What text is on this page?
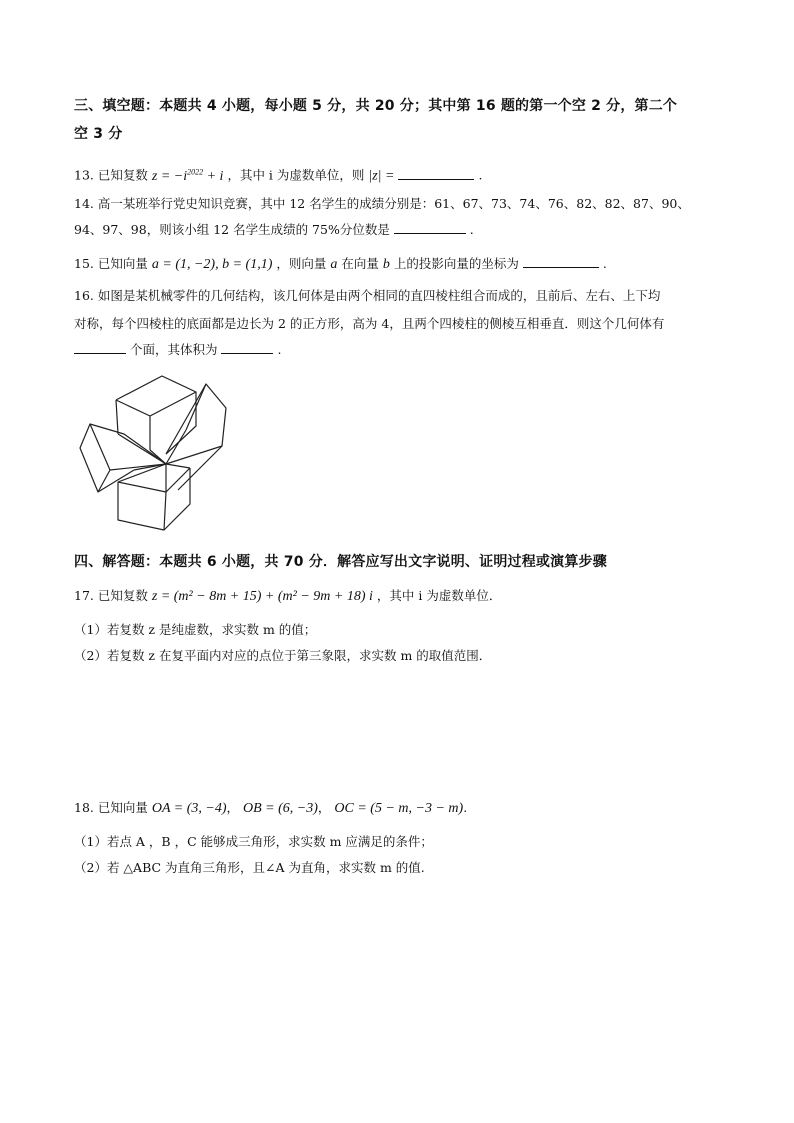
三、填空题：本题共 4 小题，每小题 5 分，共 20 分；其中第 16 题的第一个空 2 分，第二个
空 3 分
13. 已知复数 $z = -i^{2022} + i$ ，其中 i 为虚数单位，则 |z| =	.
14. 高一某班举行党史知识竞赛，其中 12 名学生的成绩分别是：61、67、73、74、76、82、82、87、90、
94、97、98，则该小组 12 名学生成绩的 75%分位数是	.
15. 已知向量 a = (1, −2), b = (1,1) ，则向量 a 在向量 b 上的投影向量的坐标为	.
16. 如图是某机械零件的几何结构，该几何体是由两个相同的直四棱柱组合而成的，且前后、左右、上下均
对称，每个四棱柱的底面都是边长为 2 的正方形，高为 4，且两个四棱柱的侧棱互相垂直．则这个几何体有
个面，其体积为	.
四、解答题：本题共 6 小题，共 70 分．解答应写出文字说明、证明过程或演算步骤
17. 已知复数 z = (m² − 8m + 15) + (m² − 9m + 18) i ，其中 i 为虚数单位．
（1）若复数 z 是纯虚数，求实数 m 的值；
（2）若复数 z 在复平面内对应的点位于第三象限，求实数 m 的取值范围．
18. 已知向量 OA = (3, −4)， OB = (6, −3)， OC = (5 − m, −3 − m).
（1）若点 A ，B ，C 能够成三角形，求实数 m 应满足的条件；
（2）若 △ABC 为直角三角形，且∠A 为直角，求实数 m 的值.
